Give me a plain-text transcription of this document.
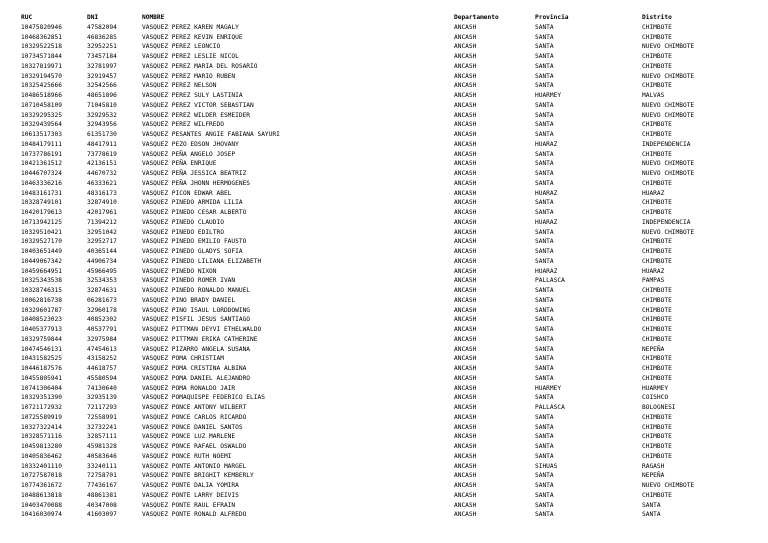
RUC	DNI	NOMBRE	Departamento	Provincia	Distrito
10475820946	47582094	VASQUEZ PEREZ KAREN MAGALY	ANCASH	SANTA	CHIMBOTE
10468362851	46836285	VASQUEZ PEREZ KEVIN ENRIQUE	ANCASH	SANTA	CHIMBOTE
10329522518	32952251	VASQUEZ PEREZ LEONCIO	ANCASH	SANTA	NUEVO CHIMBOTE
10734571844	73457184	VASQUEZ PEREZ LESLIE NICOL	ANCASH	SANTA	CHIMBOTE
10327819971	32781997	VASQUEZ PEREZ MARIA DEL ROSARIO	ANCASH	SANTA	CHIMBOTE
10329194570	32919457	VASQUEZ PEREZ MARIO RUBEN	ANCASH	SANTA	NUEVO CHIMBOTE
10325425666	32542566	VASQUEZ PEREZ NELSON	ANCASH	SANTA	CHIMBOTE
10486518966	48651896	VASQUEZ PEREZ SULY LASTINIA	ANCASH	HUARMEY	MALVAS
10710458109	71045810	VASQUEZ PEREZ VICTOR SEBASTIAN	ANCASH	SANTA	NUEVO CHIMBOTE
10329295325	32929532	VASQUEZ PEREZ WILDER ESMEIDER	ANCASH	SANTA	NUEVO CHIMBOTE
10329439564	32943956	VASQUEZ PEREZ WILFREDO	ANCASH	SANTA	CHIMBOTE
10613517303	61351730	VASQUEZ PESANTES ANGIE FABIANA SAYURI	ANCASH	SANTA	CHIMBOTE
10484179111	48417911	VASQUEZ PEZO EDSON JHOVANY	ANCASH	HUARAZ	INDEPENDENCIA
10737786191	73778619	VASQUEZ PEÑA ANGELO JOSEP	ANCASH	SANTA	CHIMBOTE
10421361512	42136151	VASQUEZ PEÑA ENRIQUE	ANCASH	SANTA	NUEVO CHIMBOTE
10446707324	44670732	VASQUEZ PEÑA JESSICA BEATRIZ	ANCASH	SANTA	NUEVO CHIMBOTE
10463336216	46333621	VASQUEZ PEÑA JHONN HERMOGENES	ANCASH	SANTA	CHIMBOTE
10483161731	48316173	VASQUEZ PICON EDWAR ABEL	ANCASH	HUARAZ	HUARAZ
10328749101	32874910	VASQUEZ PINEDO ARMIDA LILIA	ANCASH	SANTA	CHIMBOTE
10420179613	42017961	VASQUEZ PINEDO CESAR ALBERTO	ANCASH	SANTA	CHIMBOTE
10713942125	71394212	VASQUEZ PINEDO CLAUDIO	ANCASH	HUARAZ	INDEPENDENCIA
10329510421	32951042	VASQUEZ PINEDO EDILTRO	ANCASH	SANTA	NUEVO CHIMBOTE
10329527170	32952717	VASQUEZ PINEDO EMILIO FAUSTO	ANCASH	SANTA	CHIMBOTE
10403651449	40365144	VASQUEZ PINEDO GLADYS SOFIA	ANCASH	SANTA	CHIMBOTE
10449067342	44906734	VASQUEZ PINEDO LILIANA ELIZABETH	ANCASH	SANTA	CHIMBOTE
10459664951	45966495	VASQUEZ PINEDO NIXON	ANCASH	HUARAZ	HUARAZ
10325343538	32534353	VASQUEZ PINEDO ROMER IVAN	ANCASH	PALLASCA	PAMPAS
10328746315	32874631	VASQUEZ PINEDO RONALDO MANUEL	ANCASH	SANTA	CHIMBOTE
10062816738	06281673	VASQUEZ PINO BRADY DANIEL	ANCASH	SANTA	CHIMBOTE
10329601787	32960178	VASQUEZ PINO ISAUL LORDDOWING	ANCASH	SANTA	CHIMBOTE
10408523023	40852302	VASQUEZ PISFIL JESUS SANTIAGO	ANCASH	SANTA	CHIMBOTE
10405377913	40537791	VASQUEZ PITTMAN DEYVI ETHELWALDO	ANCASH	SANTA	CHIMBOTE
10329759844	32975984	VASQUEZ PITTMAN ERIKA CATHERINE	ANCASH	SANTA	CHIMBOTE
10474546131	47454613	VASQUEZ PIZARRO ANGELA SUSANA	ANCASH	SANTA	NEPEÑA
10431582525	43158252	VASQUEZ POMA CHRISTIAM	ANCASH	SANTA	CHIMBOTE
10446187576	44618757	VASQUEZ POMA CRISTINA ALBINA	ANCASH	SANTA	CHIMBOTE
10455805941	45580594	VASQUEZ POMA DANIEL ALEJANDRO	ANCASH	SANTA	CHIMBOTE
10741306404	74130640	VASQUEZ POMA RONALDO JAIR	ANCASH	HUARMEY	HUARMEY
10329351390	32935139	VASQUEZ POMAQUISPE FEDERICO ELIAS	ANCASH	SANTA	COISHCO
10721172932	72117293	VASQUEZ PONCE ANTONY WILBERT	ANCASH	PALLASCA	BOLOGNESI
10725589919	72558991	VASQUEZ PONCE CARLOS RICARDO	ANCASH	SANTA	CHIMBOTE
10327322414	32732241	VASQUEZ PONCE DANIEL SANTOS	ANCASH	SANTA	CHIMBOTE
10328571116	32857111	VASQUEZ PONCE LUZ MARLENE	ANCASH	SANTA	CHIMBOTE
10459813280	45981328	VASQUEZ PONCE RAFAEL OSWALDO	ANCASH	SANTA	CHIMBOTE
10405836462	40583646	VASQUEZ PONCE RUTH NOEMI	ANCASH	SANTA	CHIMBOTE
10332401110	33240111	VASQUEZ PONTE ANTONIO MARGEL	ANCASH	SIHUAS	RAGASH
10727587018	72758701	VASQUEZ PONTE BRIGHIT KEMBERLY	ANCASH	SANTA	NEPEÑA
10774361672	77436167	VASQUEZ PONTE DALIA YOMIRA	ANCASH	SANTA	NUEVO CHIMBOTE
10488613818	48861381	VASQUEZ PONTE LARRY DEIVIS	ANCASH	SANTA	CHIMBOTE
10403470088	40347008	VASQUEZ PONTE RAUL EFRAIN	ANCASH	SANTA	SANTA
10416030974	41603097	VASQUEZ PONTE RONALD ALFREDO	ANCASH	SANTA	SANTA
